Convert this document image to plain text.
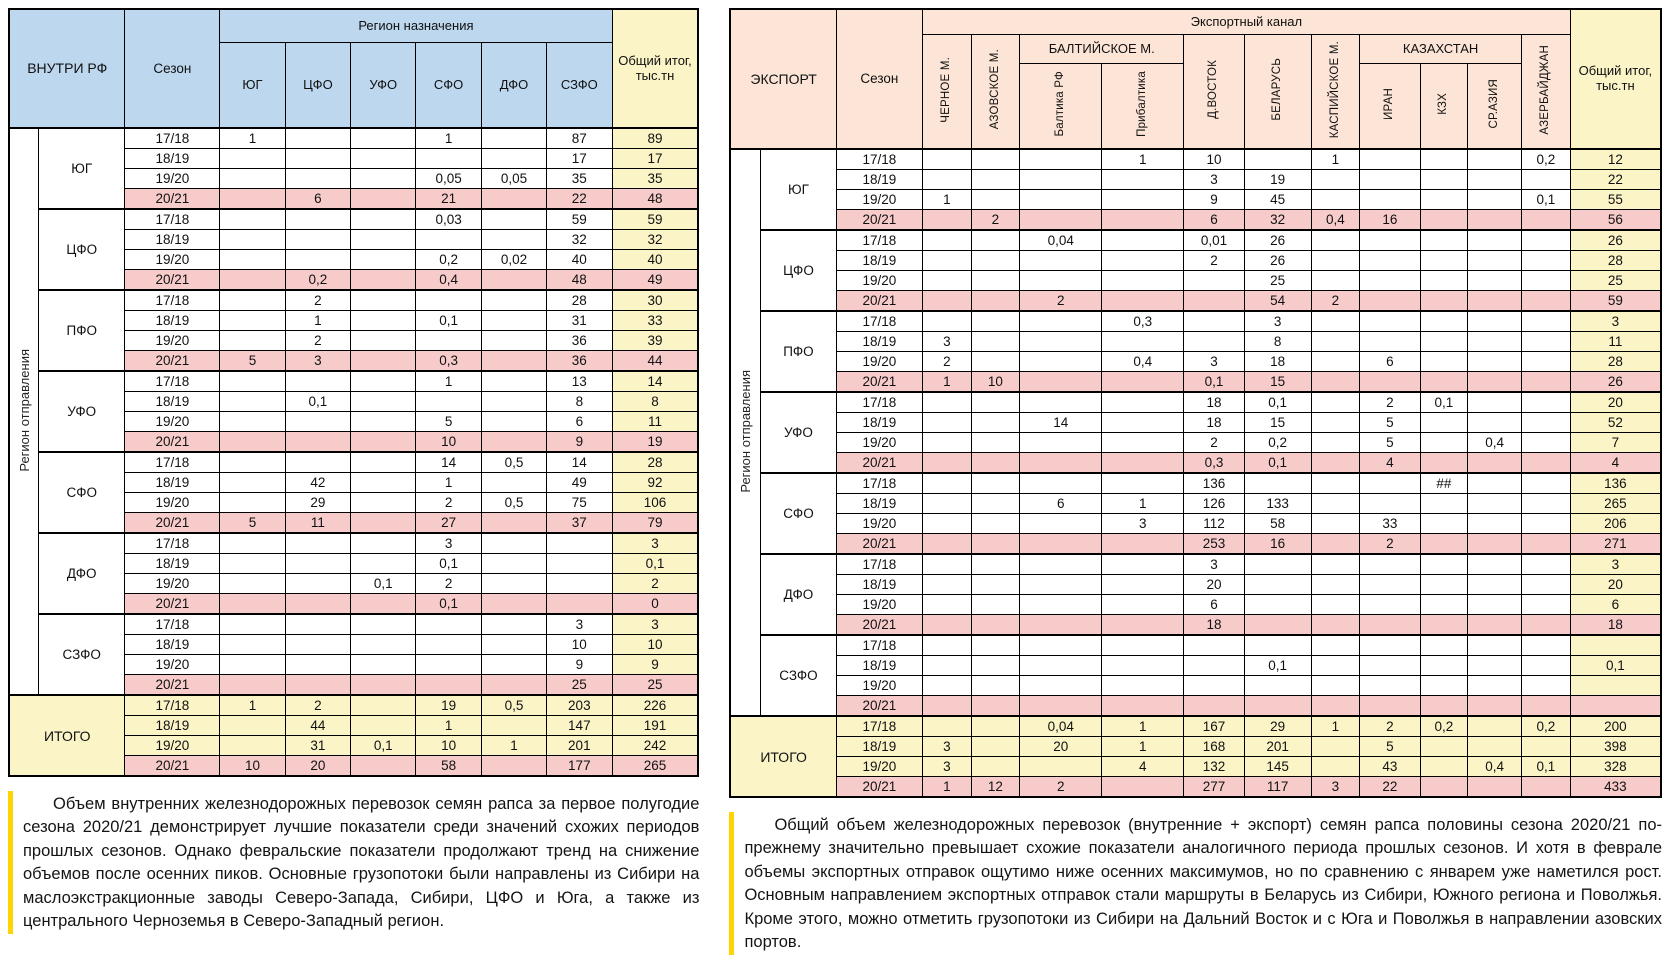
ВНУТРИ РФ		Сезон	Регион назначения						Общий итог, тыс.тн
			ЮГ	ЦФО	УФО	СФО	ДФО	СЗФО	
Регион отправления	ЮГ	17/18	1			1		87	89
		18/19						17	17
		19/20				0,05	0,05	35	35
		20/21		6		21		22	48
	ЦФО	17/18				0,03		59	59
		18/19						32	32
		19/20				0,2	0,02	40	40
		20/21		0,2		0,4		48	49
	ПФО	17/18		2				28	30
		18/19		1		0,1		31	33
		19/20		2				36	39
		20/21	5	3		0,3		36	44
	УФО	17/18				1		13	14
		18/19		0,1				8	8
		19/20				5		6	11
		20/21				10		9	19
	СФО	17/18				14	0,5	14	28
		18/19		42		1		49	92
		19/20		29		2	0,5	75	106
		20/21	5	11		27		37	79
	ДФО	17/18				3			3
		18/19				0,1			0,1
		19/20			0,1	2			2
		20/21				0,1			0
	СЗФО	17/18						3	3
		18/19						10	10
		19/20						9	9
		20/21						25	25
ИТОГО		17/18	1	2		19	0,5	203	226
		18/19		44		1		147	191
		19/20		31	0,1	10	1	201	242
		20/21	10	20		58		177	265

Объем внутренних железнодорожных перевозок семян рапса за первое полугодие сезона 2020/21 демонстрирует лучшие показатели среди значений схожих периодов прошлых сезонов. Однако февральские показатели продолжают тренд на снижение объемов после осенних пиков. Основные грузопотоки были направлены из Сибири на маслоэкстракционные заводы Северо-Запада, Сибири, ЦФО и Юга, а также из центрального Черноземья в Северо-Западный регион.

ЭКСПОРТ		Сезон	Экспортный канал											Общий итог, тыс.тн
			ЧЕРНОЕ М.	АЗОВСКОЕ М.	БАЛТИЙСКОЕ М.		Д.ВОСТОК	БЕЛАРУСЬ	КАСПИЙСКОЕ М.	КАЗАХСТАН			АЗЕРБАЙДЖАН	
					Балтика РФ	Прибалтика				ИРАН	КЗХ	СР.АЗИЯ		
Регион отправления	ЮГ	17/18				1	10		1				0,2	12
		18/19					3	19						22
		19/20	1				9	45					0,1	55
		20/21		2			6	32	0,4	16				56
	ЦФО	17/18			0,04		0,01	26						26
		18/19					2	26						28
		19/20						25						25
		20/21			2			54	2					59
	ПФО	17/18				0,3		3						3
		18/19	3					8						11
		19/20	2			0,4	3	18		6				28
		20/21	1	10			0,1	15						26
	УФО	17/18					18	0,1		2	0,1			20
		18/19			14		18	15		5				52
		19/20					2	0,2		5		0,4		7
		20/21					0,3	0,1		4				4
	СФО	17/18					136				##			136
		18/19			6	1	126	133						265
		19/20				3	112	58		33				206
		20/21					253	16		2				271
	ДФО	17/18					3							3
		18/19					20							20
		19/20					6							6
		20/21					18							18
	СЗФО	17/18												
		18/19						0,1						0,1
		19/20												
		20/21												
ИТОГО		17/18			0,04	1	167	29	1	2	0,2		0,2	200
		18/19	3		20	1	168	201		5				398
		19/20	3			4	132	145		43		0,4	0,1	328
		20/21	1	12	2		277	117	3	22				433

Общий объем железнодорожных перевозок (внутренние + экспорт) семян рапса половины сезона 2020/21 по-прежнему значительно превышает схожие показатели аналогичного периода прошлых сезонов. И хотя в феврале объемы экспортных отправок ощутимо ниже осенних максимумов, но по сравнению с январем уже наметился рост. Основным направлением экспортных отправок стали маршруты в Беларусь из Сибири, Южного региона и Поволжья. Кроме этого, можно отметить грузопотоки из Сибири на Дальний Восток и с Юга и Поволжья в направлении азовских портов.
